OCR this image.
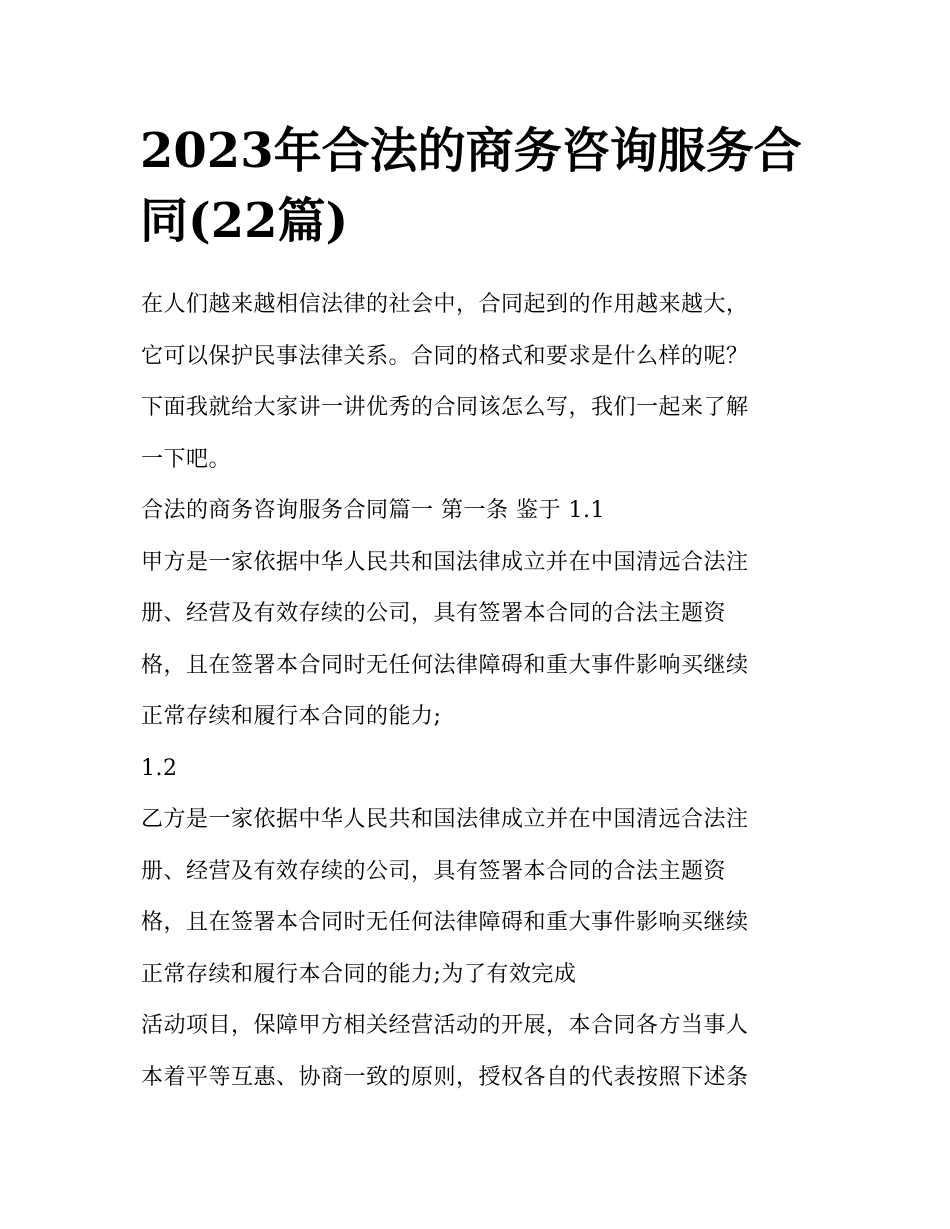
2023年合法的商务咨询服务合
同(22篇)
在人们越来越相信法律的社会中，合同起到的作用越来越大，
它可以保护民事法律关系。合同的格式和要求是什么样的呢？
下面我就给大家讲一讲优秀的合同该怎么写，我们一起来了解
一下吧。
合法的商务咨询服务合同篇一 第一条 鉴于 1.1
甲方是一家依据中华人民共和国法律成立并在中国清远合法注
册、经营及有效存续的公司，具有签署本合同的合法主题资
格，且在签署本合同时无任何法律障碍和重大事件影响买继续
正常存续和履行本合同的能力;
1.2
乙方是一家依据中华人民共和国法律成立并在中国清远合法注
册、经营及有效存续的公司，具有签署本合同的合法主题资
格，且在签署本合同时无任何法律障碍和重大事件影响买继续
正常存续和履行本合同的能力;为了有效完成
活动项目，保障甲方相关经营活动的开展，本合同各方当事人
本着平等互惠、协商一致的原则，授权各自的代表按照下述条
